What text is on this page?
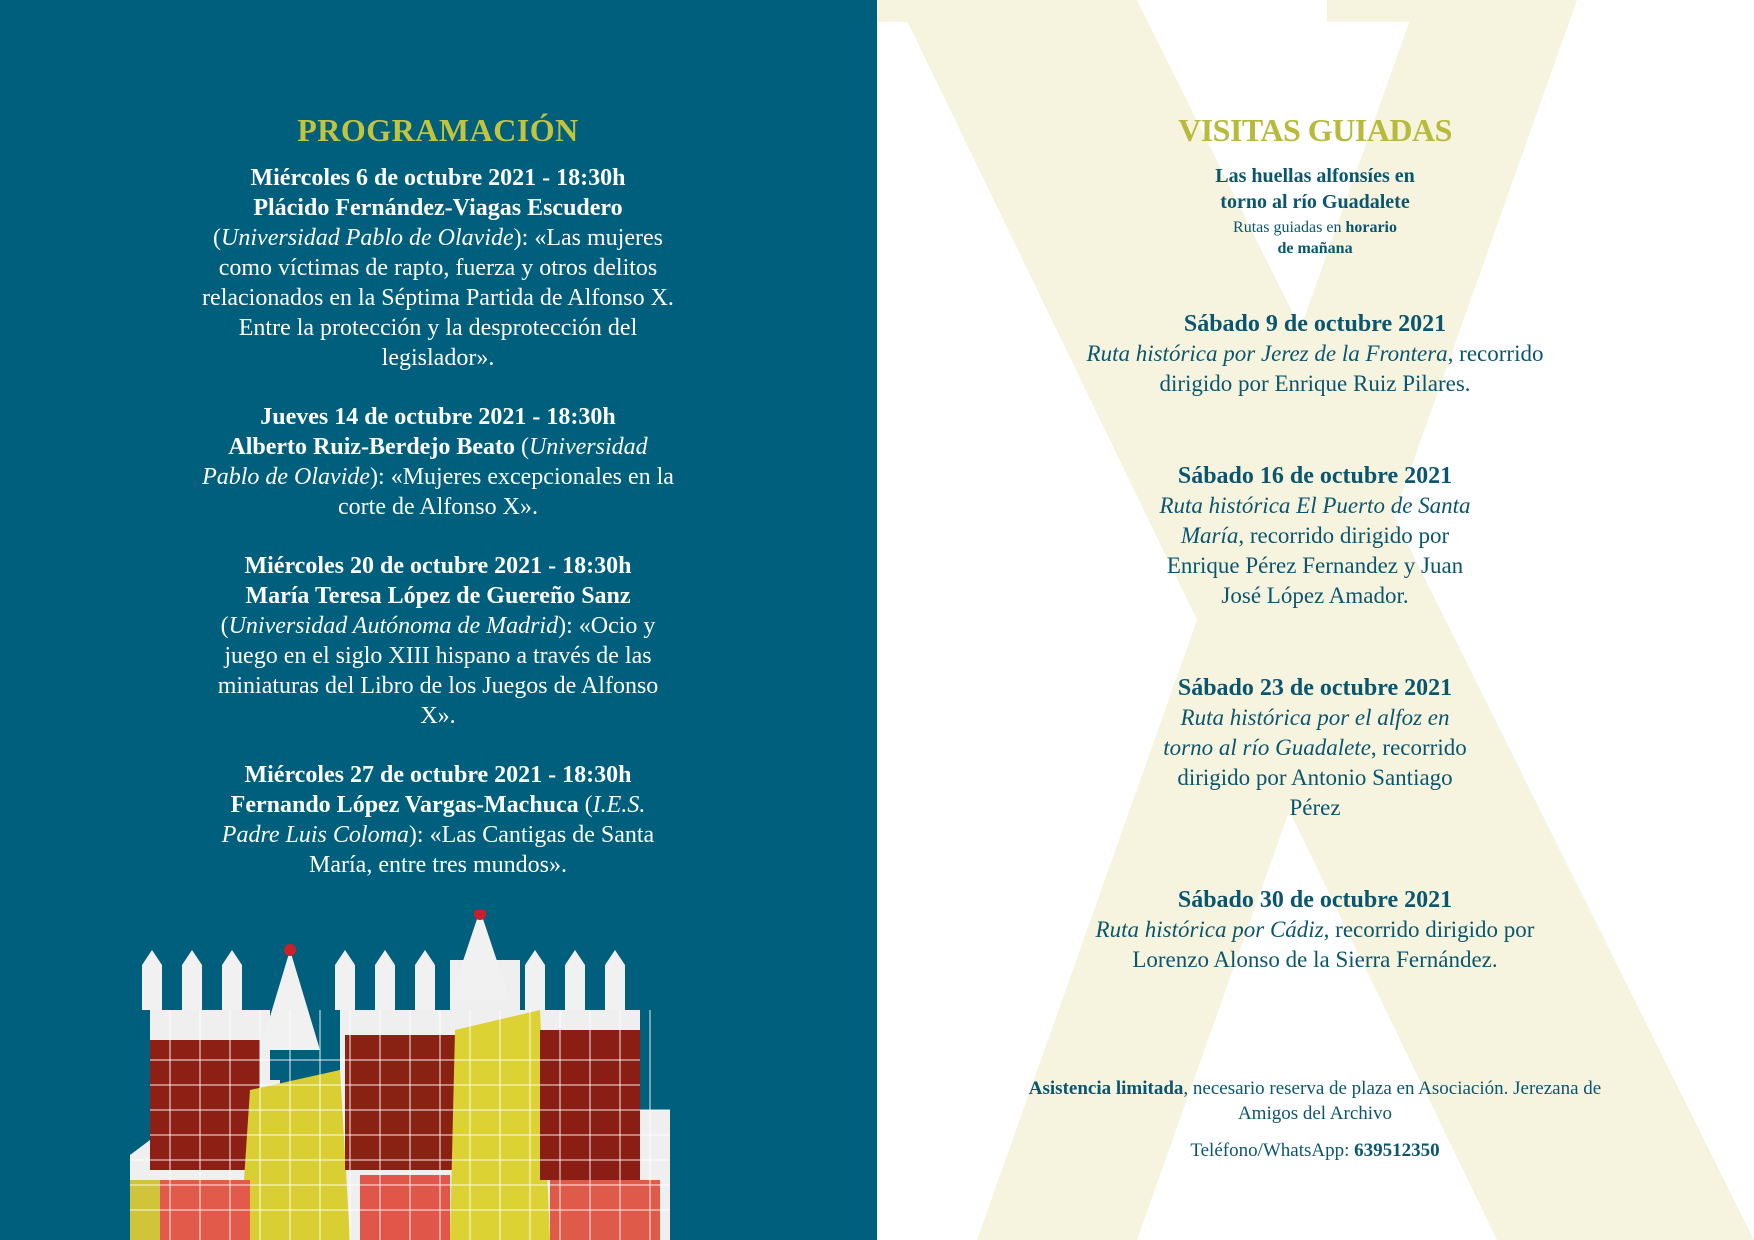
PROGRAMACIÓN
Miércoles 6 de octubre 2021 - 18:30h
Plácido Fernández-Viagas Escudero
(Universidad Pablo de Olavide): «Las mujeres como víctimas de rapto, fuerza y otros delitos relacionados en la Séptima Partida de Alfonso X. Entre la protección y la desprotección del legislador».
Jueves 14 de octubre 2021 - 18:30h
Alberto Ruiz-Berdejo Beato (Universidad Pablo de Olavide): «Mujeres excepcionales en la corte de Alfonso X».
Miércoles 20 de octubre 2021 - 18:30h
María Teresa López de Guereño Sanz
(Universidad Autónoma de Madrid): «Ocio y juego en el siglo XIII hispano a través de las miniaturas del Libro de los Juegos de Alfonso X».
Miércoles 27 de octubre 2021 - 18:30h
Fernando López Vargas-Machuca (I.E.S. Padre Luis Coloma): «Las Cantigas de Santa María, entre tres mundos».
VISITAS GUIADAS
Las huellas alfonsíes en
torno al río Guadalete
Rutas guiadas en horario
de mañana
Sábado 9 de octubre 2021
Ruta histórica por Jerez de la Frontera, recorrido dirigido por Enrique Ruiz Pilares.
Sábado 16 de octubre 2021
Ruta histórica El Puerto de Santa María, recorrido dirigido por Enrique Pérez Fernandez y Juan José López Amador.
Sábado 23 de octubre 2021
Ruta histórica por el alfoz en torno al río Guadalete, recorrido dirigido por Antonio Santiago Pérez
Sábado 30 de octubre 2021
Ruta histórica por Cádiz, recorrido dirigido por Lorenzo Alonso de la Sierra Fernández.
Asistencia limitada, necesario reserva de plaza en Asociación. Jerezana de Amigos del Archivo
Teléfono/WhatsApp: 639512350
